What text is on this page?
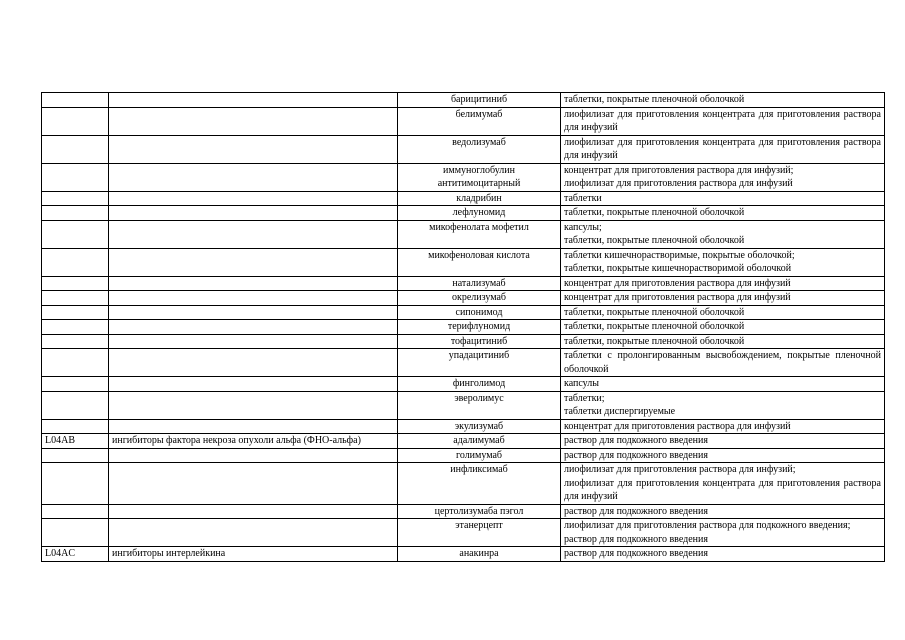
		барицитиниб	таблетки, покрытые пленочной оболочкой

		белимумаб	лиофилизат для приготовления концентрата для приготовления раствора для инфузий

		ведолизумаб	лиофилизат для приготовления концентрата для приготовления раствора для инфузий

		иммуноглобулин антитимоцитарный	концентрат для приготовления раствора для инфузий;
лиофилизат для приготовления раствора для инфузий

		кладрибин	таблетки

		лефлуномид	таблетки, покрытые пленочной оболочкой

		микофенолата мофетил	капсулы;
таблетки, покрытые пленочной оболочкой

		микофеноловая кислота	таблетки кишечнорастворимые, покрытые оболочкой;
таблетки, покрытые кишечнорастворимой оболочкой

		натализумаб	концентрат для приготовления раствора для инфузий

		окрелизумаб	концентрат для приготовления раствора для инфузий

		сипонимод	таблетки, покрытые пленочной оболочкой

		терифлуномид	таблетки, покрытые пленочной оболочкой

		тофацитиниб	таблетки, покрытые пленочной оболочкой

		упадацитиниб	таблетки с пролонгированным высвобождением, покрытые пленочной оболочкой

		финголимод	капсулы

		эверолимус	таблетки;
таблетки диспергируемые

		экулизумаб	концентрат для приготовления раствора для инфузий

L04AB	ингибиторы фактора некроза опухоли альфа (ФНО-альфа)	адалимумаб	раствор для подкожного введения

		голимумаб	раствор для подкожного введения

		инфликсимаб	лиофилизат для приготовления раствора для инфузий;
лиофилизат для приготовления концентрата для приготовления раствора для инфузий

		цертолизумаба пэгол	раствор для подкожного введения

		этанерцепт	лиофилизат для приготовления раствора для подкожного введения;
раствор для подкожного введения

L04AC	ингибиторы интерлейкина	анакинра	раствор для подкожного введения
